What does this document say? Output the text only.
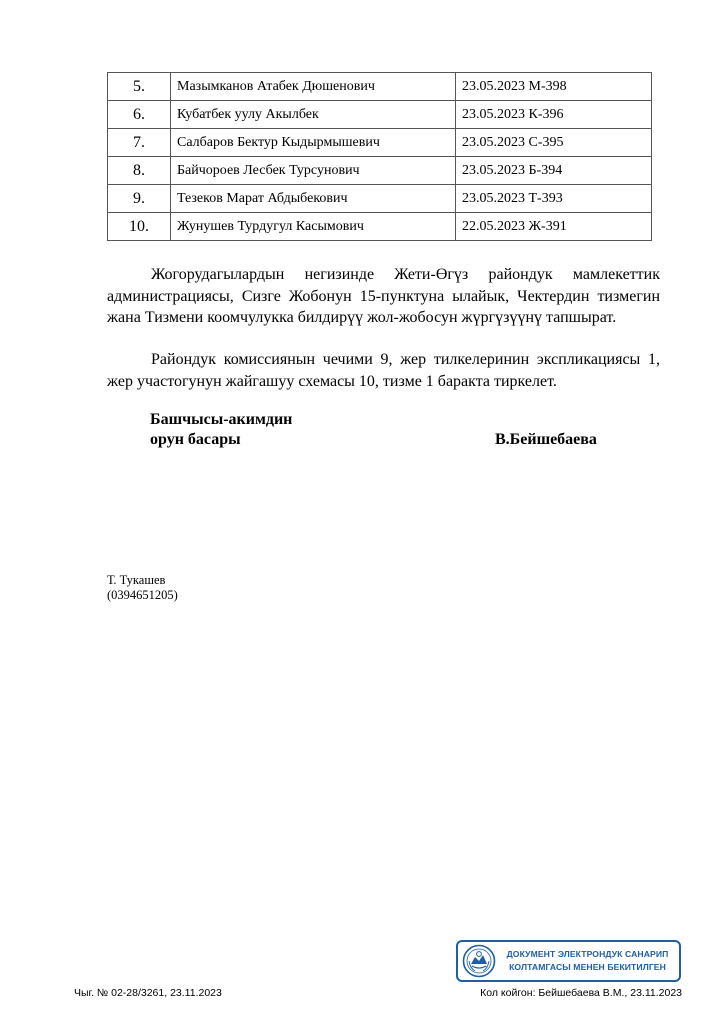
5.	Мазымканов Атабек Дюшенович	23.05.2023 М-398
6.	Кубатбек уулу Акылбек	23.05.2023 К-396
7.	Салбаров Бектур Кыдырмышевич	23.05.2023 С-395
8.	Байчороев Лесбек Турсунович	23.05.2023 Б-394
9.	Тезеков Марат Абдыбекович	23.05.2023 Т-393
10.	Жунушев Турдугул Касымович	22.05.2023 Ж-391

Жогорудагылардын негизинде Жети-Өгүз райондук мамлекеттик администрациясы, Сизге Жобонун 15-пунктуна ылайык, Чектердин тизмегин жана Тизмени коомчулукка билдирүү жол-жобосун жүргүзүүнү тапшырат.

Райондук комиссиянын чечими 9, жер тилкелеринин экспликациясы 1, жер участогунун жайгашуу схемасы 10, тизме 1 баракта тиркелет.

Башчысы-акимдин
орун басары	В.Бейшебаева
Т. Тукашев
(0394651205)
ДОКУМЕНТ ЭЛЕКТРОНДУК САНАРИП
КОЛТАМГАСЫ МЕНЕН БЕКИТИЛГЕН
Чыг. № 02-28/3261, 23.11.2023	Кол койгон: Бейшебаева В.М., 23.11.2023
